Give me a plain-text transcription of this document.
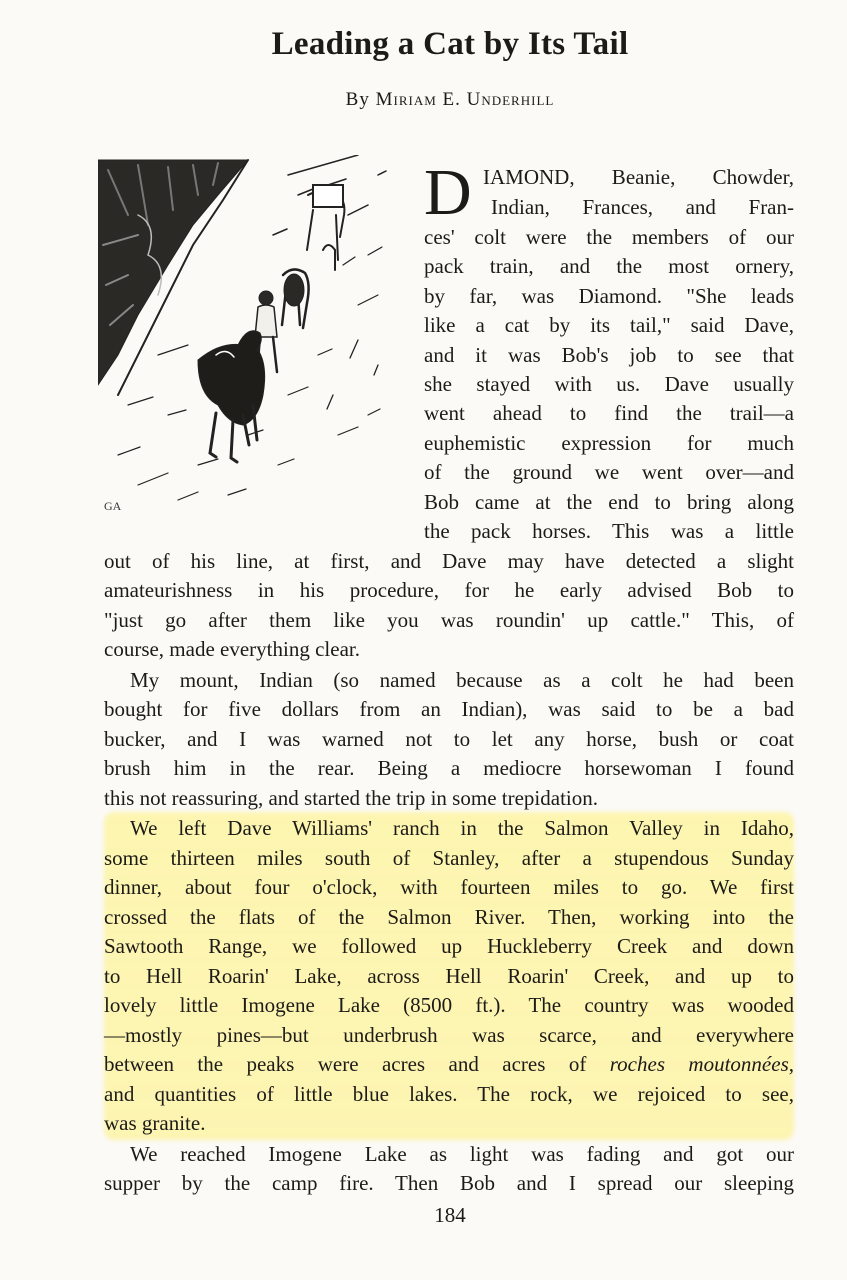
Leading a Cat by Its Tail
By Miriam E. Underhill
GA
D IAMOND, Beanie, Chowder,
Indian, Frances, and Fran-
ces' colt were the members of our
pack train, and the most ornery,
by far, was Diamond. "She leads
like a cat by its tail," said Dave,
and it was Bob's job to see that
she stayed with us. Dave usually
went ahead to find the trail—a
euphemistic expression for much
of the ground we went over—and
Bob came at the end to bring along
the pack horses. This was a little
out of his line, at first, and Dave may have detected a slight
amateurishness in his procedure, for he early advised Bob to
"just go after them like you was roundin' up cattle." This, of
course, made everything clear.
My mount, Indian (so named because as a colt he had been
bought for five dollars from an Indian), was said to be a bad
bucker, and I was warned not to let any horse, bush or coat
brush him in the rear. Being a mediocre horsewoman I found
this not reassuring, and started the trip in some trepidation.
We left Dave Williams' ranch in the Salmon Valley in Idaho,
some thirteen miles south of Stanley, after a stupendous Sunday
dinner, about four o'clock, with fourteen miles to go. We first
crossed the flats of the Salmon River. Then, working into the
Sawtooth Range, we followed up Huckleberry Creek and down
to Hell Roarin' Lake, across Hell Roarin' Creek, and up to
lovely little Imogene Lake (8500 ft.). The country was wooded
—mostly pines—but underbrush was scarce, and everywhere
between the peaks were acres and acres of roches moutonnées,
and quantities of little blue lakes. The rock, we rejoiced to see,
was granite.
We reached Imogene Lake as light was fading and got our
supper by the camp fire. Then Bob and I spread our sleeping
184
